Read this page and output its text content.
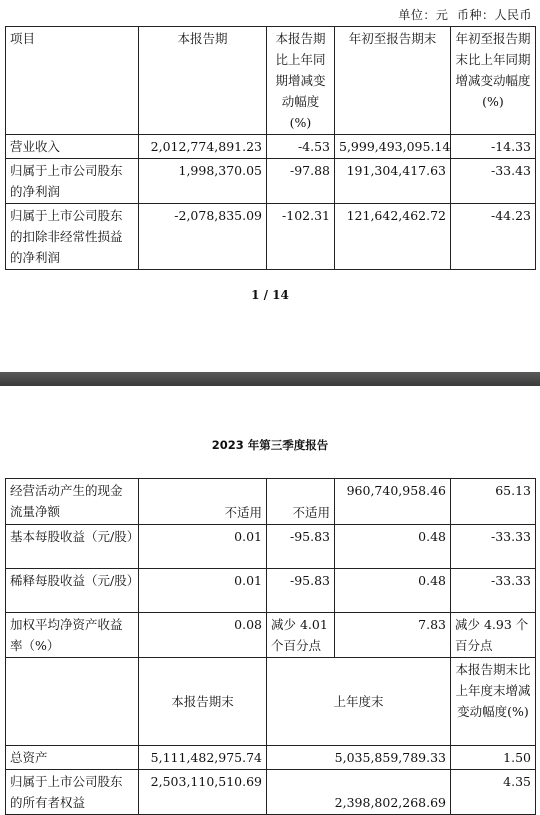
单位：元 币种：人民币
项目	本报告期	本报告期比上年同期增减变动幅度(%)	年初至报告期末	年初至报告期末比上年同期增减变动幅度(%)
营业收入	2,012,774,891.23	-4.53	5,999,493,095.14	-14.33
归属于上市公司股东的净利润	1,998,370.05	-97.88	191,304,417.63	-33.43
归属于上市公司股东的扣除非经常性损益的净利润	-2,078,835.09	-102.31	121,642,462.72	-44.23
1 / 14
2023 年第三季度报告
经营活动产生的现金流量净额	不适用	不适用	960,740,958.46	65.13
基本每股收益（元/股）	0.01	-95.83	0.48	-33.33
稀释每股收益（元/股）	0.01	-95.83	0.48	-33.33
加权平均净资产收益率（%）	0.08	减少 4.01 个百分点	7.83	减少 4.93 个百分点
	本报告期末	上年度末		本报告期末比上年度末增减变动幅度(%)
总资产	5,111,482,975.74	5,035,859,789.33		1.50
归属于上市公司股东的所有者权益	2,503,110,510.69	2,398,802,268.69		4.35
